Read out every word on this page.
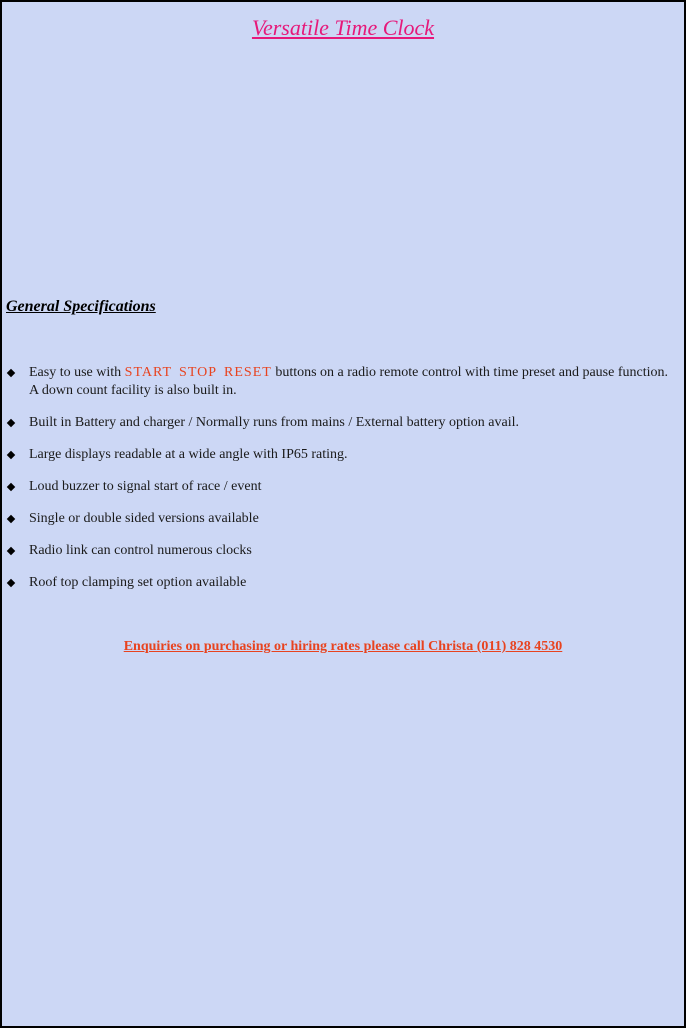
Versatile Time Clock
General Specifications
Easy to use with START STOP RESET buttons on a radio remote control with time preset and pause function. A down count facility is also built in.
Built in Battery and charger / Normally runs from mains / External battery option avail.
Large displays readable at a wide angle with IP65 rating.
Loud buzzer to signal start of race / event
Single or double sided versions available
Radio link can control numerous clocks
Roof top clamping set option available
Enquiries on purchasing or hiring rates please call Christa (011) 828 4530
